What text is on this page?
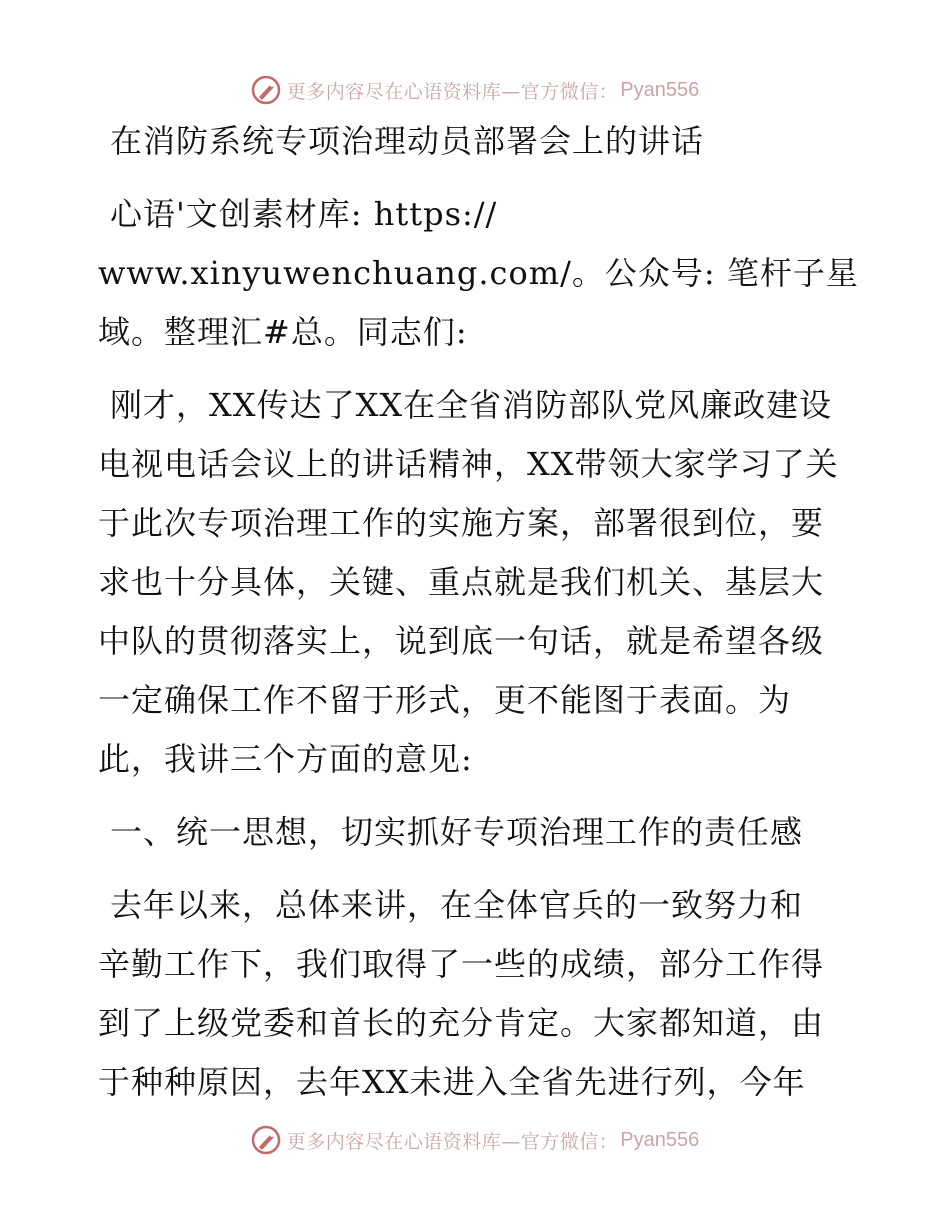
更多内容尽在心语资料库—官方微信： Pyan556
在消防系统专项治理动员部署会上的讲话
心语'文创素材库: https://
www.xinyuwenchuang.com/。公众号: 笔杆子星
域。整理汇#总。同志们:
刚才，XX传达了XX在全省消防部队党风廉政建设
电视电话会议上的讲话精神，XX带领大家学习了关
于此次专项治理工作的实施方案，部署很到位，要
求也十分具体，关键、重点就是我们机关、基层大
中队的贯彻落实上，说到底一句话，就是希望各级
一定确保工作不留于形式，更不能图于表面。为
此，我讲三个方面的意见:
一、统一思想，切实抓好专项治理工作的责任感
去年以来，总体来讲，在全体官兵的一致努力和
辛勤工作下，我们取得了一些的成绩，部分工作得
到了上级党委和首长的充分肯定。大家都知道，由
于种种原因，去年XX未进入全省先进行列，今年
更多内容尽在心语资料库—官方微信： Pyan556
